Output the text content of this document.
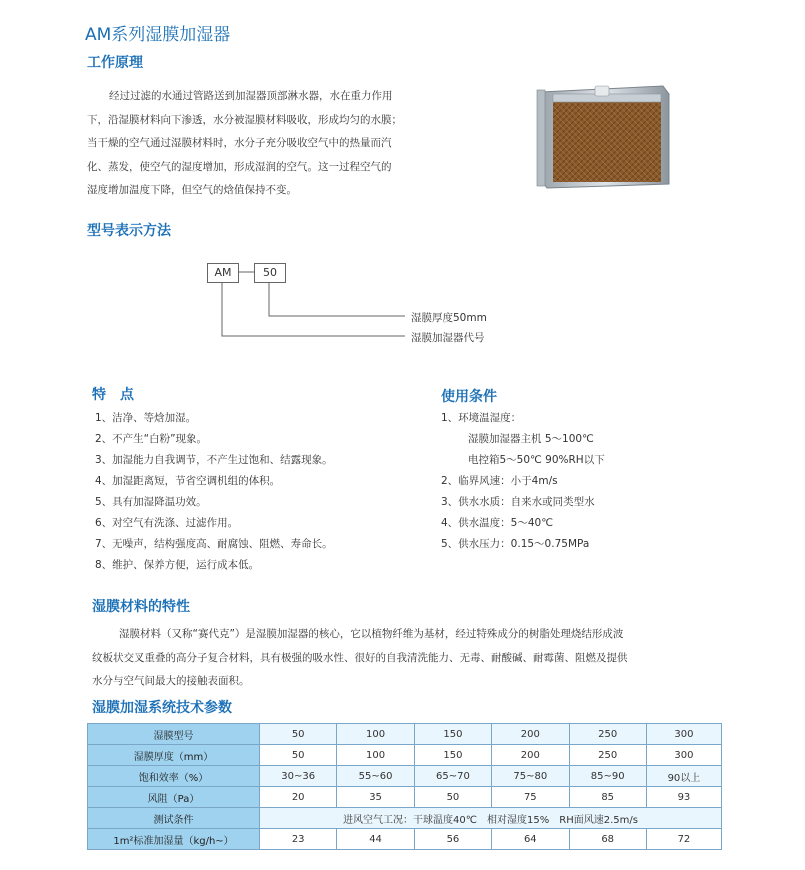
AM系列湿膜加湿器
工作原理
经过过滤的水通过管路送到加湿器顶部淋水器，水在重力作用
下，沿湿膜材料向下渗透，水分被湿膜材料吸收，形成均匀的水膜；
当干燥的空气通过湿膜材料时，水分子充分吸收空气中的热量而汽
化、蒸发，使空气的湿度增加，形成湿润的空气。这一过程空气的
湿度增加温度下降，但空气的焓值保持不变。
型号表示方法
AM	50
湿膜厚度50mm
湿膜加湿器代号
特　点
1、洁净、等焓加湿。
2、不产生“白粉”现象。
3、加湿能力自我调节，不产生过饱和、结露现象。
4、加湿距离短，节省空调机组的体积。
5、具有加湿降温功效。
6、对空气有洗涤、过滤作用。
7、无噪声，结构强度高、耐腐蚀、阻燃、寿命长。
8、维护、保养方便，运行成本低。
使用条件
1、环境温湿度：
湿膜加湿器主机 5～100℃
电控箱5～50℃ 90%RH以下
2、临界风速：小于4m/s
3、供水水质：自来水或同类型水
4、供水温度：5～40℃
5、供水压力：0.15～0.75MPa
湿膜材料的特性
湿膜材料（又称“赛代克”）是湿膜加湿器的核心，它以植物纤维为基材，经过特殊成分的树脂处理烧结形成波
纹板状交叉重叠的高分子复合材料，具有极强的吸水性、很好的自我清洗能力、无毒、耐酸碱、耐霉菌、阻燃及提供
水分与空气间最大的接触表面积。
湿膜加湿系统技术参数
湿膜型号	50	100	150	200	250	300
湿膜厚度（mm）	50	100	150	200	250	300
饱和效率（%）	30~36	55~60	65~70	75~80	85~90	90以上
风阻（Pa）	20	35	50	75	85	93
测试条件	进风空气工况：干球温度40℃　相对湿度15%　RH面风速2.5m/s					
1m²标准加湿量（kg/h~）	23	44	56	64	68	72
